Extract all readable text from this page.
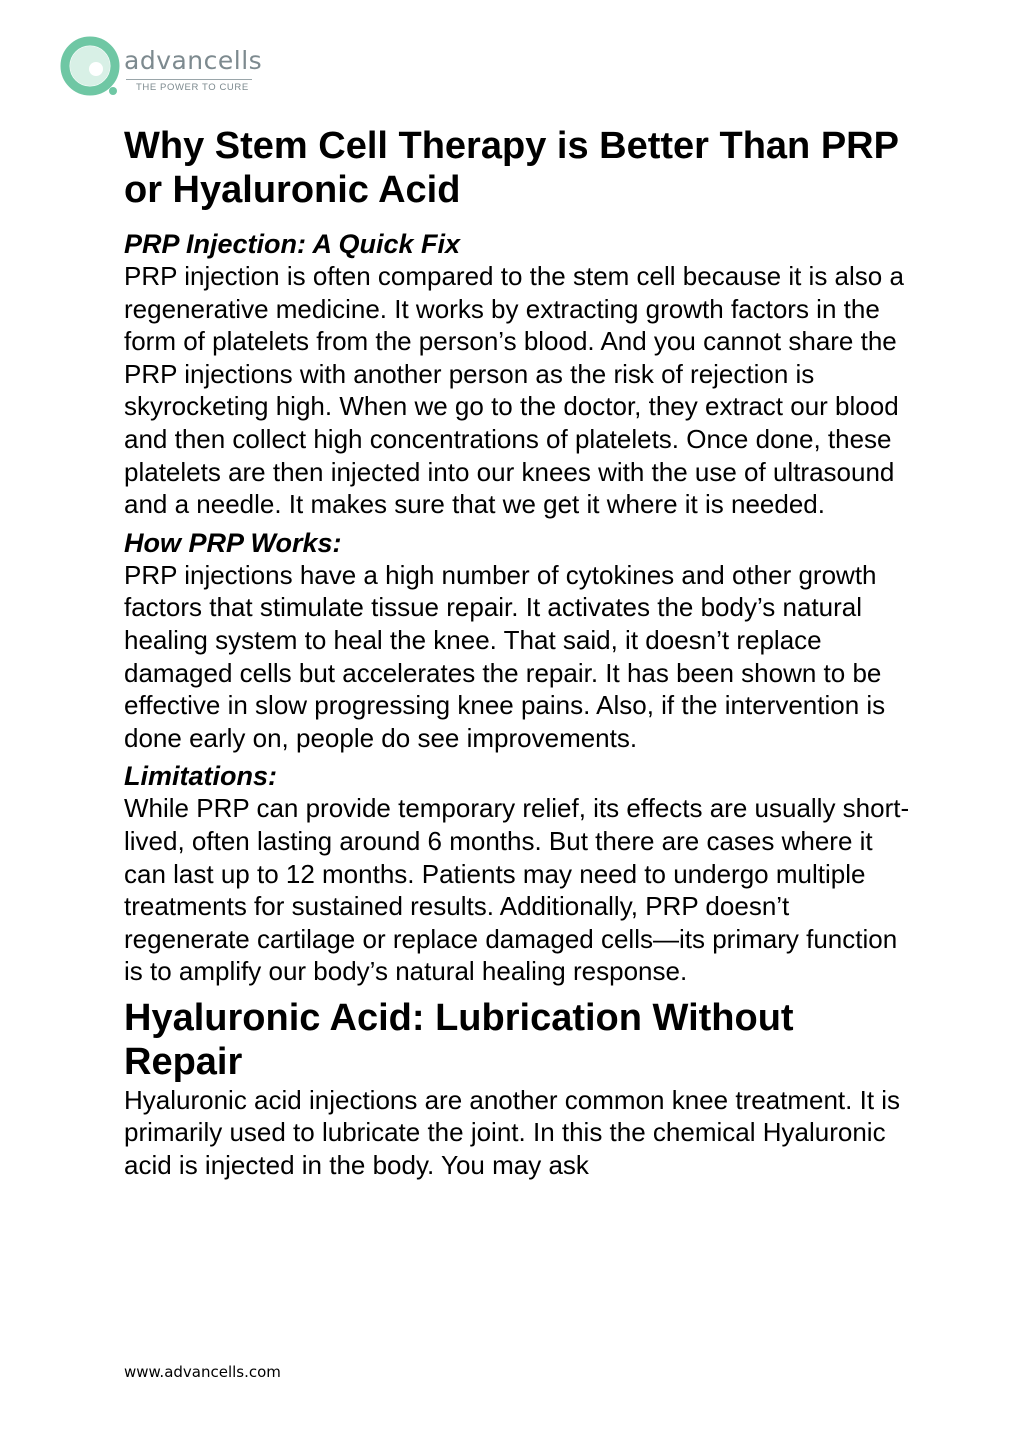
advancells
THE POWER TO CURE
Why Stem Cell Therapy is Better Than PRP or Hyaluronic Acid
PRP Injection: A Quick Fix

PRP injection is often compared to the stem cell because it is also a regenerative medicine. It works by extracting growth factors in the form of platelets from the person’s blood. And you cannot share the PRP injections with another person as the risk of rejection is skyrocketing high. When we go to the doctor, they extract our blood and then collect high concentrations of platelets. Once done, these platelets are then injected into our knees with the use of ultrasound and a needle. It makes sure that we get it where it is needed.

How PRP Works:

PRP injections have a high number of cytokines and other growth factors that stimulate tissue repair. It activates the body’s natural healing system to heal the knee. That said, it doesn’t replace damaged cells but accelerates the repair. It has been shown to be effective in slow progressing knee pains. Also, if the intervention is done early on, people do see improvements.

Limitations:

While PRP can provide temporary relief, its effects are usually short-lived, often lasting around 6 months. But there are cases where it can last up to 12 months. Patients may need to undergo multiple treatments for sustained results. Additionally, PRP doesn’t regenerate cartilage or replace damaged cells—its primary function is to amplify our body’s natural healing response.

Hyaluronic Acid: Lubrication Without Repair

Hyaluronic acid injections are another common knee treatment. It is primarily used to lubricate the joint. In this the chemical Hyaluronic acid is injected in the body. You may ask

www.advancells.com
